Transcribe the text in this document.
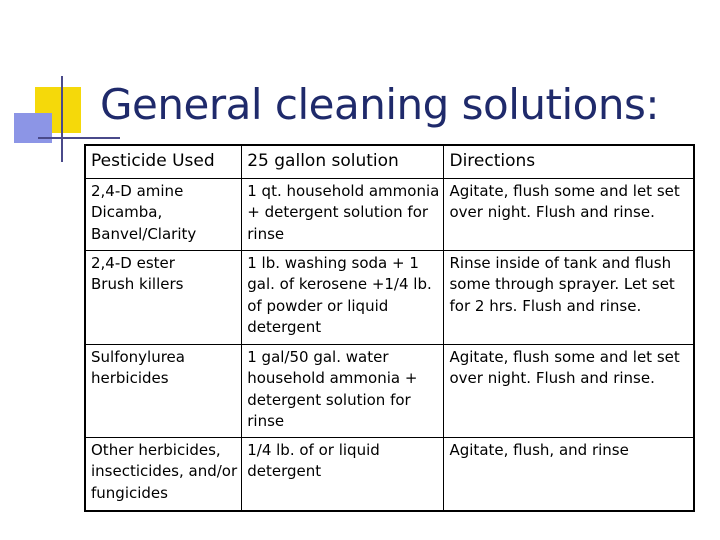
General cleaning solutions:
Pesticide Used	25 gallon solution	Directions

2,4-D amine
Dicamba,
Banvel/Clarity	1 qt. household ammonia + detergent solution for rinse	Agitate, flush some and let set over night. Flush and rinse.

2,4-D ester
Brush killers	1 lb. washing soda + 1 gal. of kerosene +1/4 lb. of powder or liquid detergent	Rinse inside of tank and flush some through sprayer. Let set for 2 hrs. Flush and rinse.

Sulfonylurea herbicides	1 gal/50 gal. water household ammonia + detergent solution for rinse	Agitate, flush some and let set over night. Flush and rinse.

Other herbicides, insecticides, and/or fungicides	1/4 lb. of or liquid detergent	Agitate, flush, and rinse
